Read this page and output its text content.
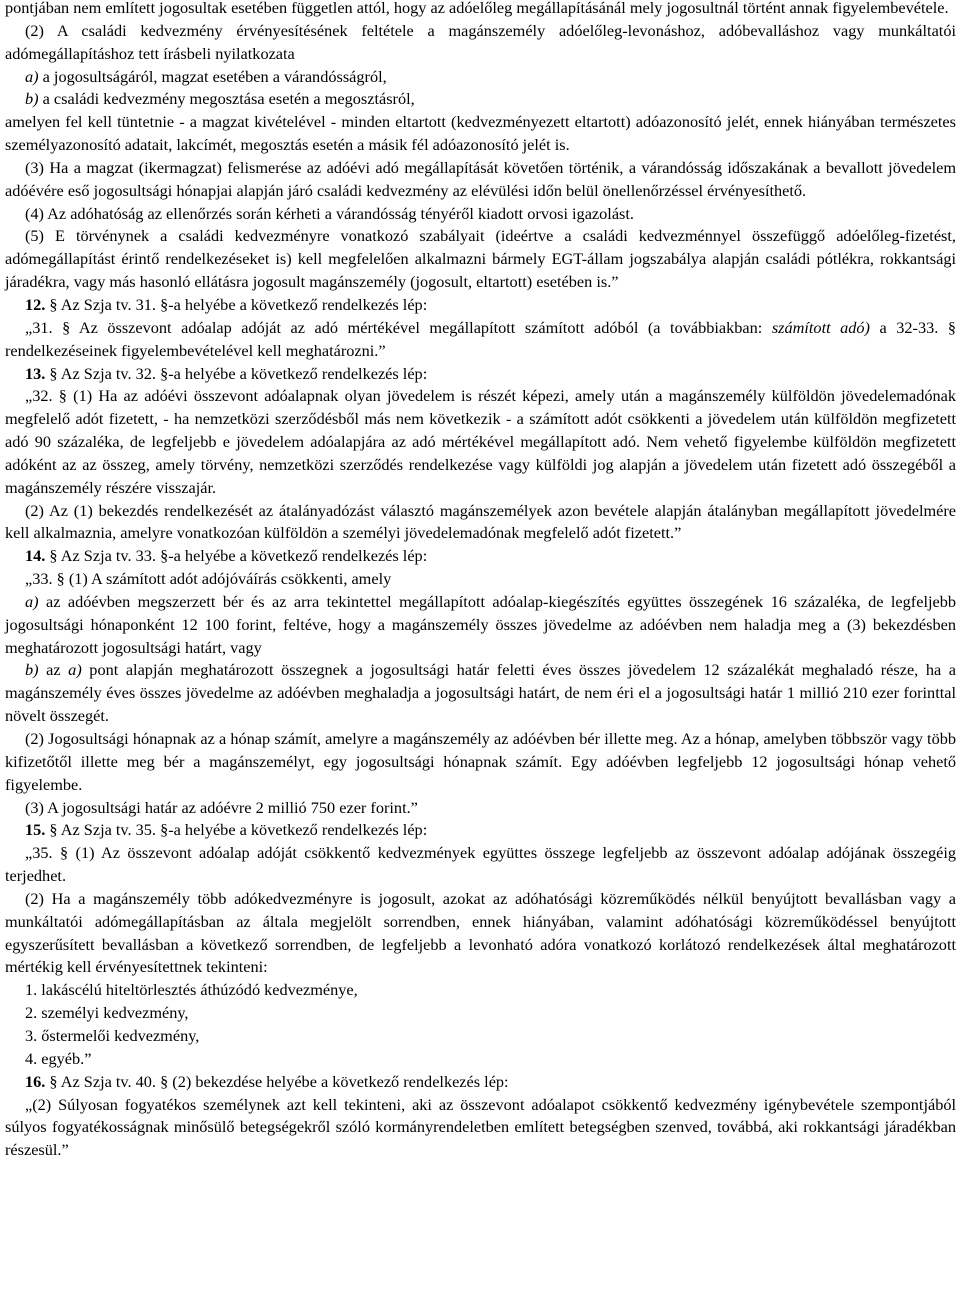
pontjában nem említett jogosultak esetében független attól, hogy az adóelőleg megállapításánál mely jogosultnál történt annak figyelembevétele.

(2) A családi kedvezmény érvényesítésének feltétele a magánszemély adóelőleg-levonáshoz, adóbevalláshoz vagy munkáltatói adómegállapításhoz tett írásbeli nyilatkozata

a) a jogosultságáról, magzat esetében a várandósságról,

b) a családi kedvezmény megosztása esetén a megosztásról,

amelyen fel kell tüntetnie - a magzat kivételével - minden eltartott (kedvezményezett eltartott) adóazonosító jelét, ennek hiányában természetes személyazonosító adatait, lakcímét, megosztás esetén a másik fél adóazonosító jelét is.

(3) Ha a magzat (ikermagzat) felismerése az adóévi adó megállapítását követően történik, a várandósság időszakának a bevallott jövedelem adóévére eső jogosultsági hónapjai alapján járó családi kedvezmény az elévülési időn belül önellenőrzéssel érvényesíthető.

(4) Az adóhatóság az ellenőrzés során kérheti a várandósság tényéről kiadott orvosi igazolást.

(5) E törvénynek a családi kedvezményre vonatkozó szabályait (ideértve a családi kedvezménnyel összefüggő adóelőleg-fizetést, adómegállapítást érintő rendelkezéseket is) kell megfelelően alkalmazni bármely EGT-állam jogszabálya alapján családi pótlékra, rokkantsági járadékra, vagy más hasonló ellátásra jogosult magánszemély (jogosult, eltartott) esetében is.”

12. § Az Szja tv. 31. §-a helyébe a következő rendelkezés lép:

„31. § Az összevont adóalap adóját az adó mértékével megállapított számított adóból (a továbbiakban: számított adó) a 32-33. § rendelkezéseinek figyelembevételével kell meghatározni.”

13. § Az Szja tv. 32. §-a helyébe a következő rendelkezés lép:

„32. § (1) Ha az adóévi összevont adóalapnak olyan jövedelem is részét képezi, amely után a magánszemély külföldön jövedelemadónak megfelelő adót fizetett, - ha nemzetközi szerződésből más nem következik - a számított adót csökkenti a jövedelem után külföldön megfizetett adó 90 százaléka, de legfeljebb e jövedelem adóalapjára az adó mértékével megállapított adó. Nem vehető figyelembe külföldön megfizetett adóként az az összeg, amely törvény, nemzetközi szerződés rendelkezése vagy külföldi jog alapján a jövedelem után fizetett adó összegéből a magánszemély részére visszajár.

(2) Az (1) bekezdés rendelkezését az átalányadózást választó magánszemélyek azon bevétele alapján átalányban megállapított jövedelmére kell alkalmaznia, amelyre vonatkozóan külföldön a személyi jövedelemadónak megfelelő adót fizetett.”

14. § Az Szja tv. 33. §-a helyébe a következő rendelkezés lép:

„33. § (1) A számított adót adójóváírás csökkenti, amely

a) az adóévben megszerzett bér és az arra tekintettel megállapított adóalap-kiegészítés együttes összegének 16 százaléka, de legfeljebb jogosultsági hónaponként 12 100 forint, feltéve, hogy a magánszemély összes jövedelme az adóévben nem haladja meg a (3) bekezdésben meghatározott jogosultsági határt, vagy

b) az a) pont alapján meghatározott összegnek a jogosultsági határ feletti éves összes jövedelem 12 százalékát meghaladó része, ha a magánszemély éves összes jövedelme az adóévben meghaladja a jogosultsági határt, de nem éri el a jogosultsági határ 1 millió 210 ezer forinttal növelt összegét.

(2) Jogosultsági hónapnak az a hónap számít, amelyre a magánszemély az adóévben bér illette meg. Az a hónap, amelyben többször vagy több kifizetőtől illette meg bér a magánszemélyt, egy jogosultsági hónapnak számít. Egy adóévben legfeljebb 12 jogosultsági hónap vehető figyelembe.

(3) A jogosultsági határ az adóévre 2 millió 750 ezer forint.”

15. § Az Szja tv. 35. §-a helyébe a következő rendelkezés lép:

„35. § (1) Az összevont adóalap adóját csökkentő kedvezmények együttes összege legfeljebb az összevont adóalap adójának összegéig terjedhet.

(2) Ha a magánszemély több adókedvezményre is jogosult, azokat az adóhatósági közreműködés nélkül benyújtott bevallásban vagy a munkáltatói adómegállapításban az általa megjelölt sorrendben, ennek hiányában, valamint adóhatósági közreműködéssel benyújtott egyszerűsített bevallásban a következő sorrendben, de legfeljebb a levonható adóra vonatkozó korlátozó rendelkezések által meghatározott mértékig kell érvényesítettnek tekinteni:

1. lakáscélú hiteltörlesztés áthúzódó kedvezménye,

2. személyi kedvezmény,

3. őstermelői kedvezmény,

4. egyéb.”

16. § Az Szja tv. 40. § (2) bekezdése helyébe a következő rendelkezés lép:

„(2) Súlyosan fogyatékos személynek azt kell tekinteni, aki az összevont adóalapot csökkentő kedvezmény igénybevétele szempontjából súlyos fogyatékosságnak minősülő betegségekről szóló kormányrendeletben említett betegségben szenved, továbbá, aki rokkantsági járadékban részesül.”
